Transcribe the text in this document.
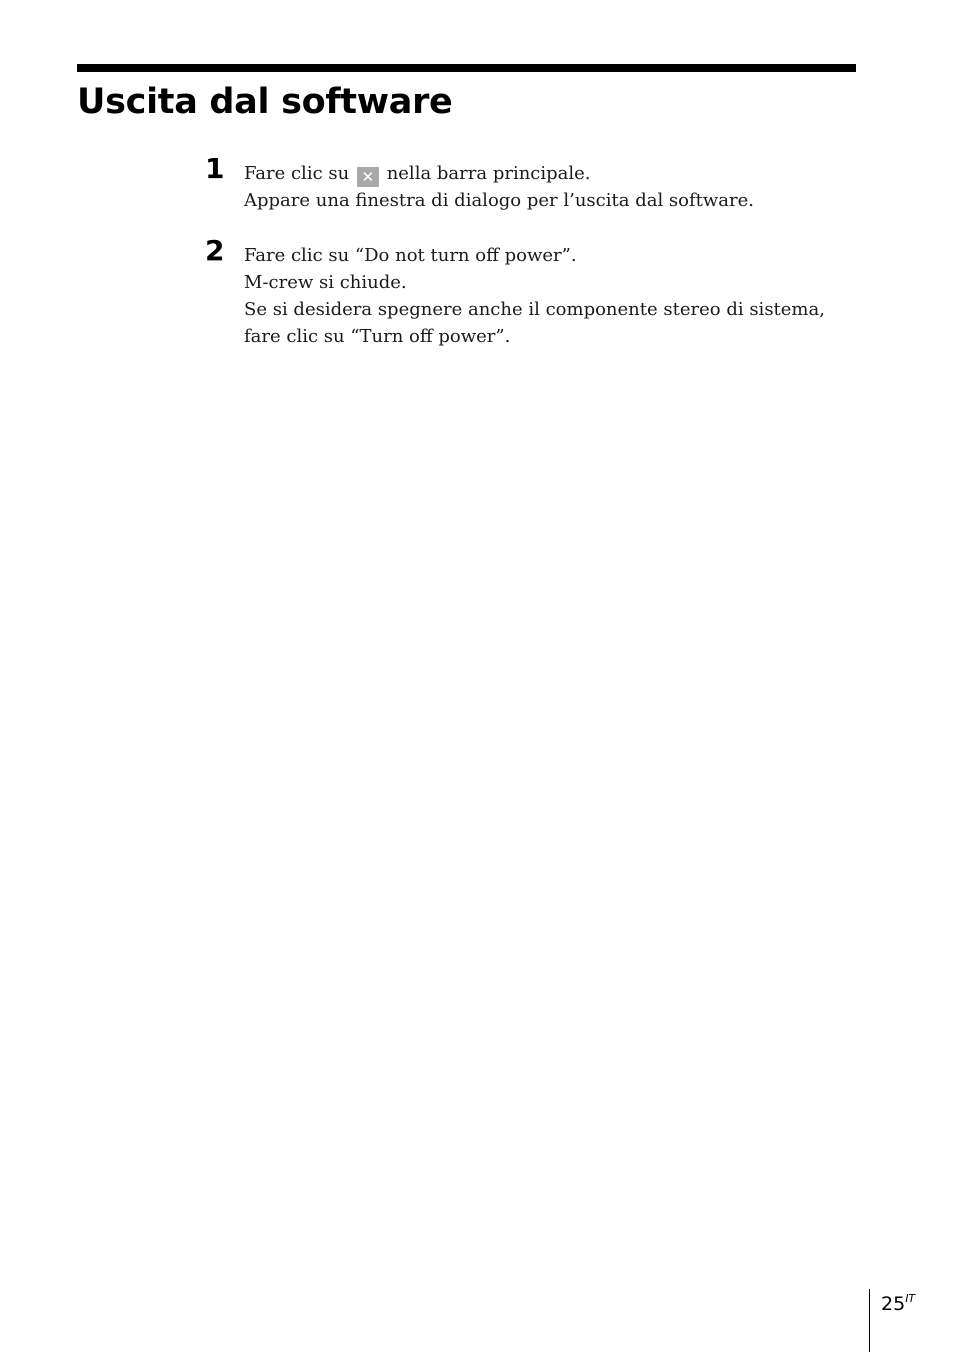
Uscita dal software
1 Fare clic su ✕ nella barra principale.

Appare una finestra di dialogo per l’uscita dal software.

2 Fare clic su “Do not turn off power”.

M-crew si chiude.

Se si desidera spegnere anche il componente stereo di sistema, fare clic su “Turn off power”.

$25^{IT}$
